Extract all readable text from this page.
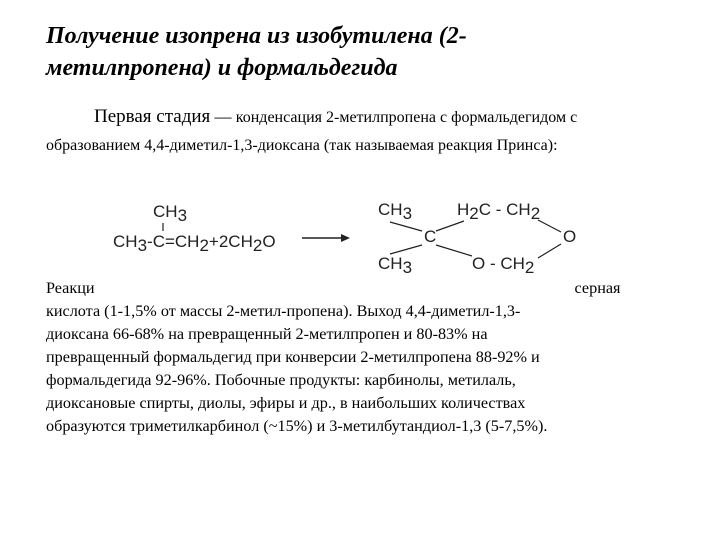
Получение изопрена из изобутилена (2-
метилпропена) и формальдегида
Первая стадия — конденсация 2-метилпропена с формальдегидом с
образованием 4,4-диметил-1,3-диоксана (так называемая реакция Принса):
CH3
CH3-C=CH2+2CH2O
CH3
CH3
C
H2C - CH2
O
O - CH2
Реакци	серная
кислота (1-1,5% от массы 2-метил-пропена). Выход 4,4-диметил-1,3-
диоксана 66-68% на превращенный 2-метилпропен и 80-83% на
превращенный формальдегид при конверсии 2-метилпропена 88-92% и
формальдегида 92-96%. Побочные продукты: карбинолы, метилаль,
диоксановые спирты, диолы, эфиры и др., в наибольших количествах
образуются триметилкарбинол (~15%) и 3-метилбутандиол-1,3 (5-7,5%).
